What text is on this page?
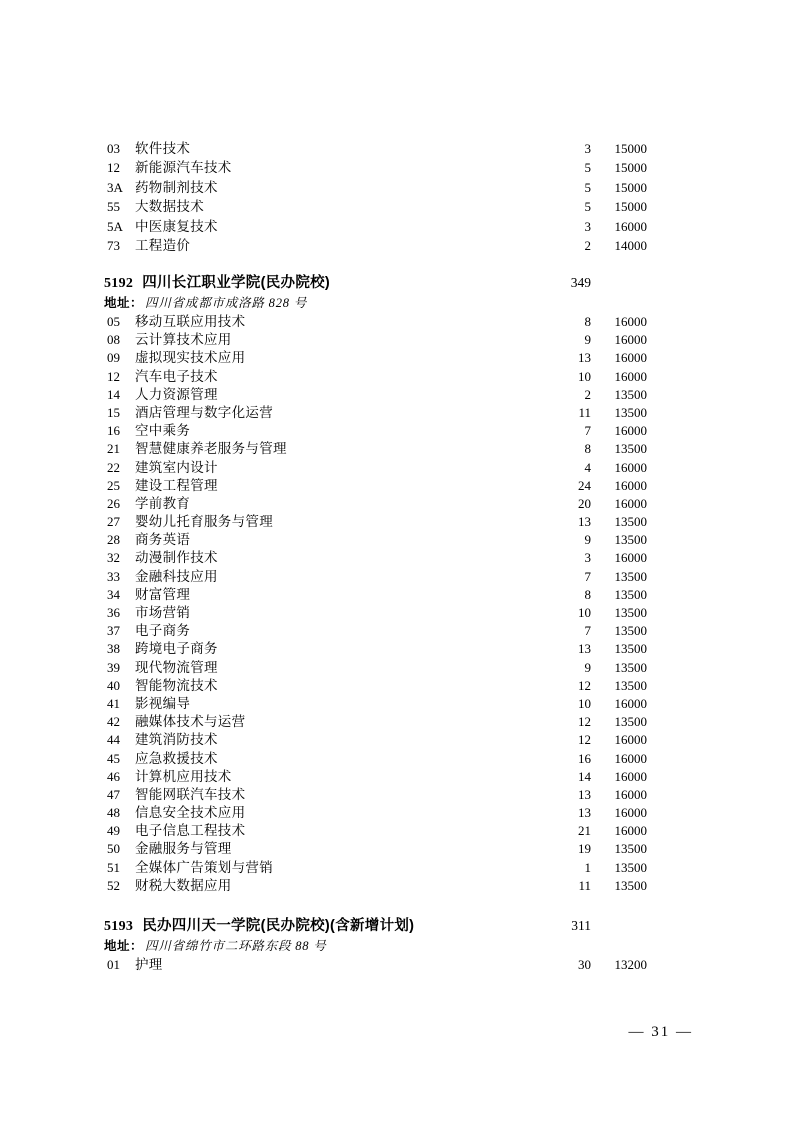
03	软件技术	3	15000
12	新能源汽车技术	5	15000
3A 药物制剂技术	5	15000
55	大数据技术	5	15000
5A 中医康复技术	3	16000
73	工程造价	2	14000
5192 四川长江职业学院(民办院校)	349
地址： 四川省成都市成洛路 828 号
05	移动互联应用技术	8	16000
08	云计算技术应用	9	16000
09	虚拟现实技术应用	13	16000
12	汽车电子技术	10	16000
14	人力资源管理	2	13500
15	酒店管理与数字化运营	11	13500
16	空中乘务	7	16000
21	智慧健康养老服务与管理	8	13500
22	建筑室内设计	4	16000
25	建设工程管理	24	16000
26	学前教育	20	16000
27	婴幼儿托育服务与管理	13	13500
28	商务英语	9	13500
32	动漫制作技术	3	16000
33	金融科技应用	7	13500
34	财富管理	8	13500
36	市场营销	10	13500
37	电子商务	7	13500
38	跨境电子商务	13	13500
39	现代物流管理	9	13500
40	智能物流技术	12	13500
41	影视编导	10	16000
42	融媒体技术与运营	12	13500
44	建筑消防技术	12	16000
45	应急救援技术	16	16000
46	计算机应用技术	14	16000
47	智能网联汽车技术	13	16000
48	信息安全技术应用	13	16000
49	电子信息工程技术	21	16000
50	金融服务与管理	19	13500
51	全媒体广告策划与营销	1	13500
52	财税大数据应用	11	13500
5193 民办四川天一学院(民办院校)(含新增计划)	311
地址： 四川省绵竹市二环路东段 88 号
01	护理	30	13200
— 31 —
